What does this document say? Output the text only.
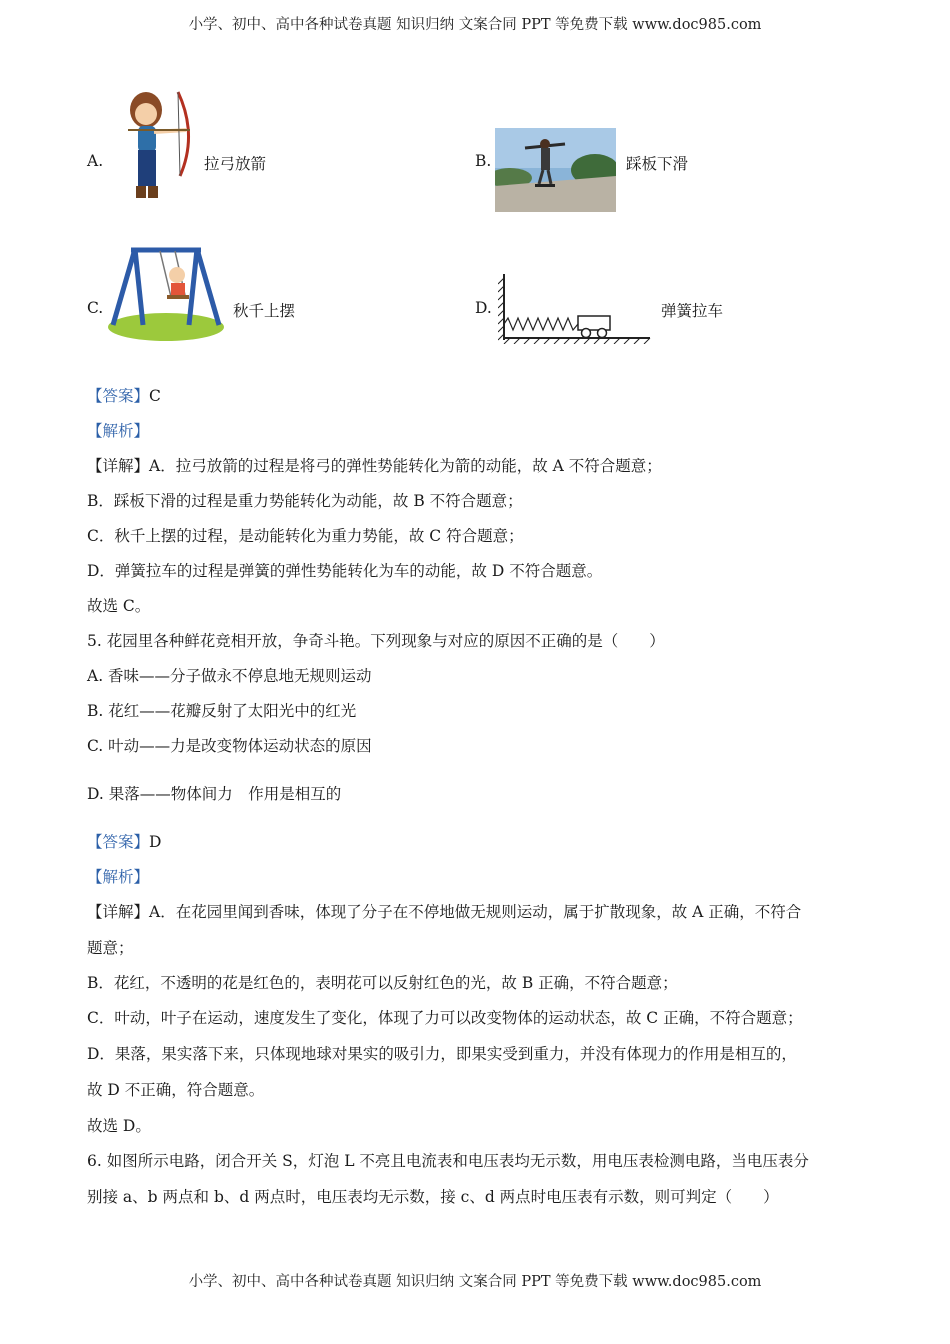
小学、初中、高中各种试卷真题 知识归纳 文案合同 PPT 等免费下载 www.doc985.com
A.	拉弓放箭	B.	踩板下滑
C.	秋千上摆	D.	弹簧拉车
【答案】C
【解析】
【详解】A．拉弓放箭的过程是将弓的弹性势能转化为箭的动能，故 A 不符合题意；
B．踩板下滑的过程是重力势能转化为动能，故 B 不符合题意；
C．秋千上摆的过程，是动能转化为重力势能，故 C 符合题意；
D．弹簧拉车的过程是弹簧的弹性势能转化为车的动能，故 D 不符合题意。
故选 C。
5. 花园里各种鲜花竞相开放，争奇斗艳。下列现象与对应的原因不正确的是（　　）
A. 香味——分子做永不停息地无规则运动
B. 花红——花瓣反射了太阳光中的红光
C. 叶动——力是改变物体运动状态的原因
D. 果落——物体间力　作用是相互的
【答案】D
【解析】
【详解】A．在花园里闻到香味，体现了分子在不停地做无规则运动，属于扩散现象，故 A 正确，不符合
题意；
B．花红，不透明的花是红色的，表明花可以反射红色的光，故 B 正确，不符合题意；
C．叶动，叶子在运动，速度发生了变化，体现了力可以改变物体的运动状态，故 C 正确，不符合题意；
D．果落，果实落下来，只体现地球对果实的吸引力，即果实受到重力，并没有体现力的作用是相互的，
故 D 不正确，符合题意。
故选 D。
6. 如图所示电路，闭合开关 S，灯泡 L 不亮且电流表和电压表均无示数，用电压表检测电路，当电压表分
别接 a、b 两点和 b、d 两点时，电压表均无示数，接 c、d 两点时电压表有示数，则可判定（　　）
小学、初中、高中各种试卷真题 知识归纳 文案合同 PPT 等免费下载 www.doc985.com
